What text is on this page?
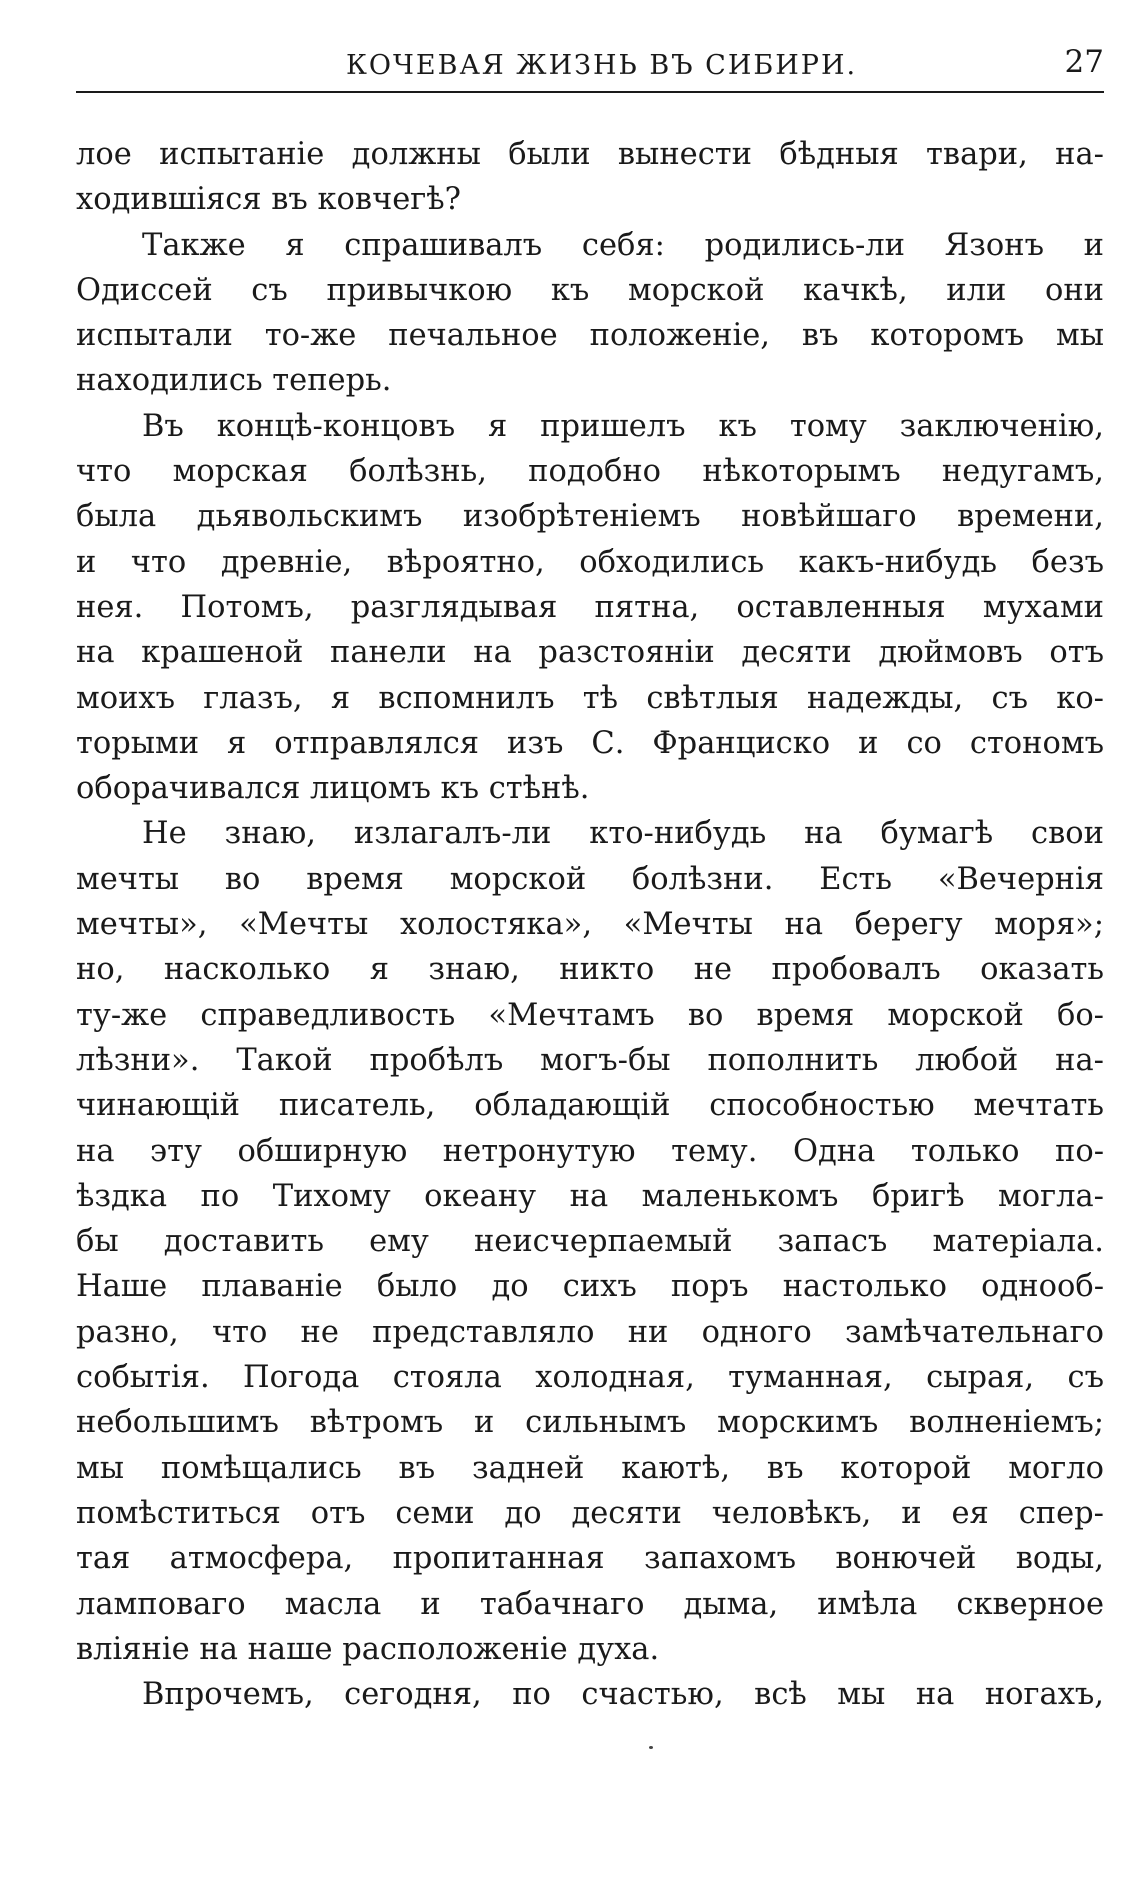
КОЧЕВАЯ ЖИЗНЬ ВЪ СИБИРИ.	27
лое испытаніе должны были вынести бѣдныя твари, на-
ходившіяся въ ковчегѣ?
Также я спрашивалъ себя: родились-ли Язонъ и
Одиссей съ привычкою къ морской качкѣ, или они
испытали то-же печальное положеніе, въ которомъ мы
находились теперь.
Въ концѣ-концовъ я пришелъ къ тому заключенію,
что морская болѣзнь, подобно нѣкоторымъ недугамъ,
была дьявольскимъ изобрѣтеніемъ новѣйшаго времени,
и что древніе, вѣроятно, обходились какъ-нибудь безъ
нея. Потомъ, разглядывая пятна, оставленныя мухами
на крашеной панели на разстояніи десяти дюймовъ отъ
моихъ глазъ, я вспомнилъ тѣ свѣтлыя надежды, съ ко-
торыми я отправлялся изъ С. Франциско и со стономъ
оборачивался лицомъ къ стѣнѣ.
Не знаю, излагалъ-ли кто-нибудь на бумагѣ свои
мечты во время морской болѣзни. Есть «Вечернія
мечты», «Мечты холостяка», «Мечты на берегу моря»;
но, насколько я знаю, никто не пробовалъ оказать
ту-же справедливость «Мечтамъ во время морской бо-
лѣзни». Такой пробѣлъ могъ-бы пополнить любой на-
чинающій писатель, обладающій способностью мечтать
на эту обширную нетронутую тему. Одна только по-
ѣздка по Тихому океану на маленькомъ бригѣ могла-
бы доставить ему неисчерпаемый запасъ матеріала.
Наше плаваніе было до сихъ поръ настолько однооб-
разно, что не представляло ни одного замѣчательнаго
событія. Погода стояла холодная, туманная, сырая, съ
небольшимъ вѣтромъ и сильнымъ морскимъ волненіемъ;
мы помѣщались въ задней каютѣ, въ которой могло
помѣститься отъ семи до десяти человѣкъ, и ея спер-
тая атмосфера, пропитанная запахомъ вонючей воды,
ламповаго масла и табачнаго дыма, имѣла скверное
вліяніе на наше расположеніе духа.
Впрочемъ, сегодня, по счастью, всѣ мы на ногахъ,
